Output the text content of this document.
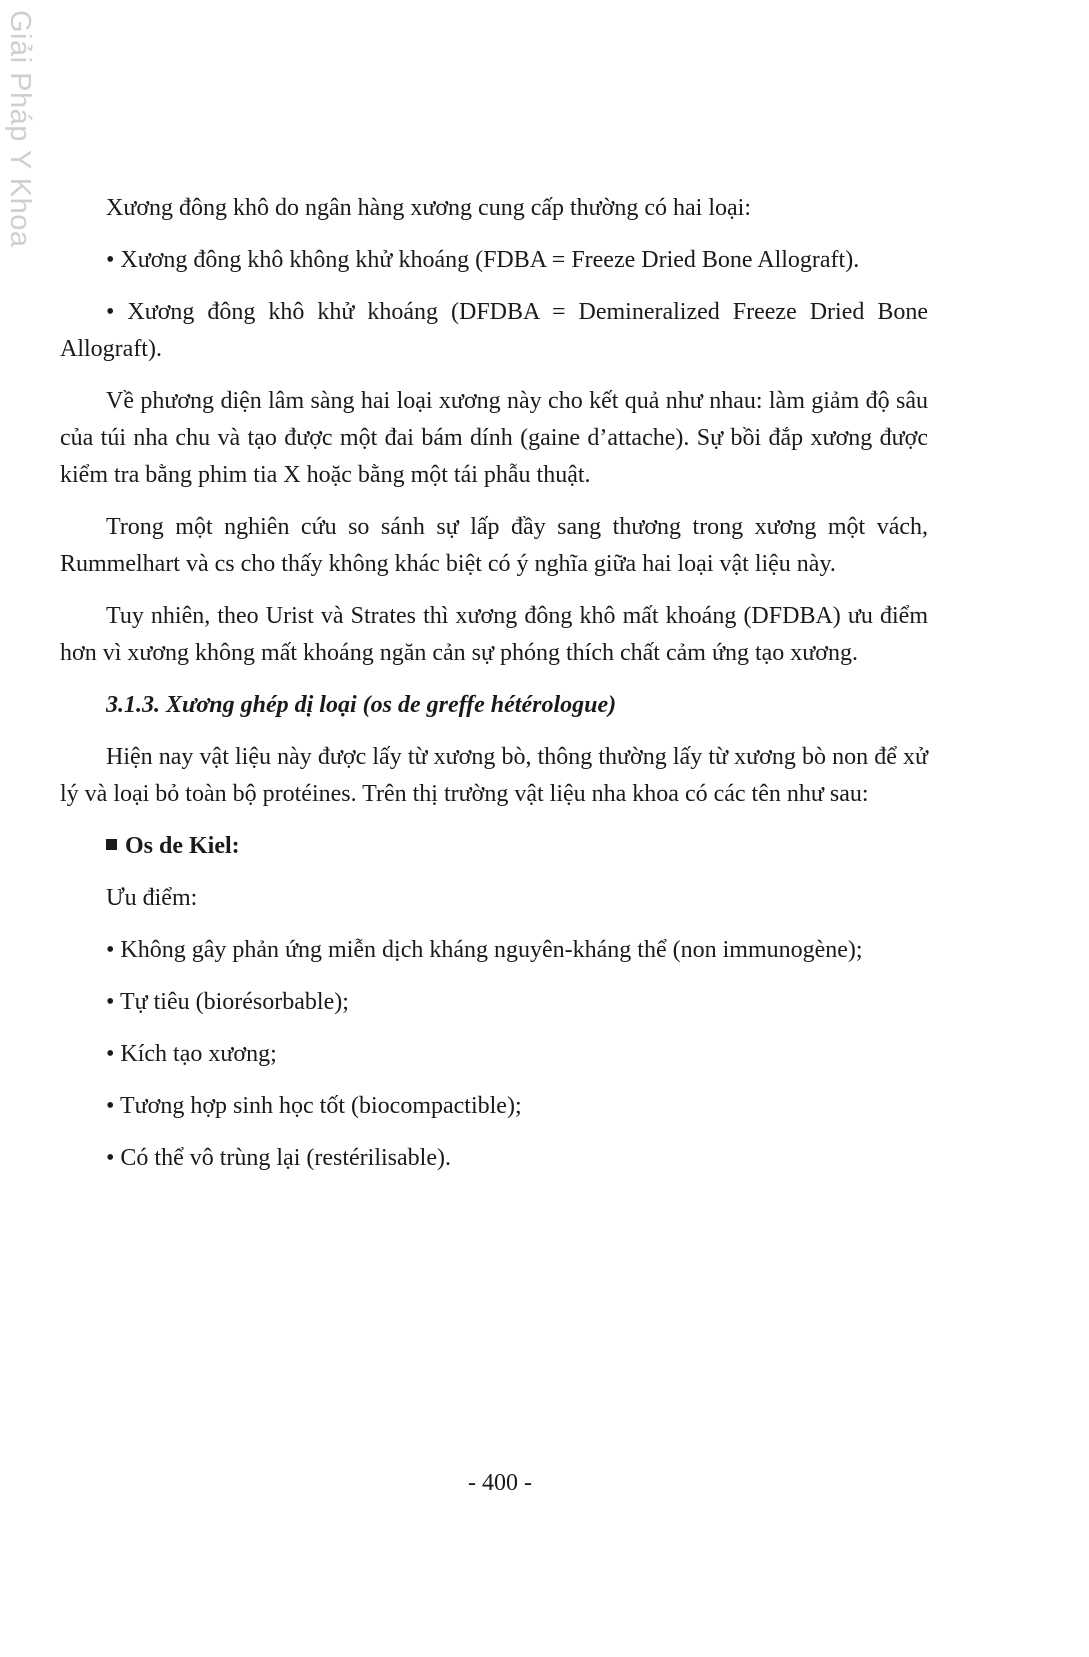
Giải Pháp Y Khoa	Xương đông khô do ngân hàng xương cung cấp thường có hai loại:

• Xương đông khô không khử khoáng (FDBA = Freeze Dried Bone Allograft).

• Xương đông khô khử khoáng (DFDBA = Demineralized Freeze Dried Bone Allograft).

Về phương diện lâm sàng hai loại xương này cho kết quả như nhau: làm giảm độ sâu của túi nha chu và tạo được một đai bám dính (gaine d’attache). Sự bồi đắp xương được kiểm tra bằng phim tia X hoặc bằng một tái phẫu thuật.

Trong một nghiên cứu so sánh sự lấp đầy sang thương trong xương một vách, Rummelhart và cs cho thấy không khác biệt có ý nghĩa giữa hai loại vật liệu này.

Tuy nhiên, theo Urist và Strates thì xương đông khô mất khoáng (DFDBA) ưu điểm hơn vì xương không mất khoáng ngăn cản sự phóng thích chất cảm ứng tạo xương.

3.1.3. Xương ghép dị loại (os de greffe hétérologue)

Hiện nay vật liệu này được lấy từ xương bò, thông thường lấy từ xương bò non để xử lý và loại bỏ toàn bộ protéines. Trên thị trường vật liệu nha khoa có các tên như sau:

Os de Kiel:
Ưu điểm:

• Không gây phản ứng miễn dịch kháng nguyên-kháng thể (non immunogène);

• Tự tiêu (biorésorbable);
• Kích tạo xương;
• Tương hợp sinh học tốt (biocompactible);
• Có thể vô trùng lại (restérilisable).
- 400 -
